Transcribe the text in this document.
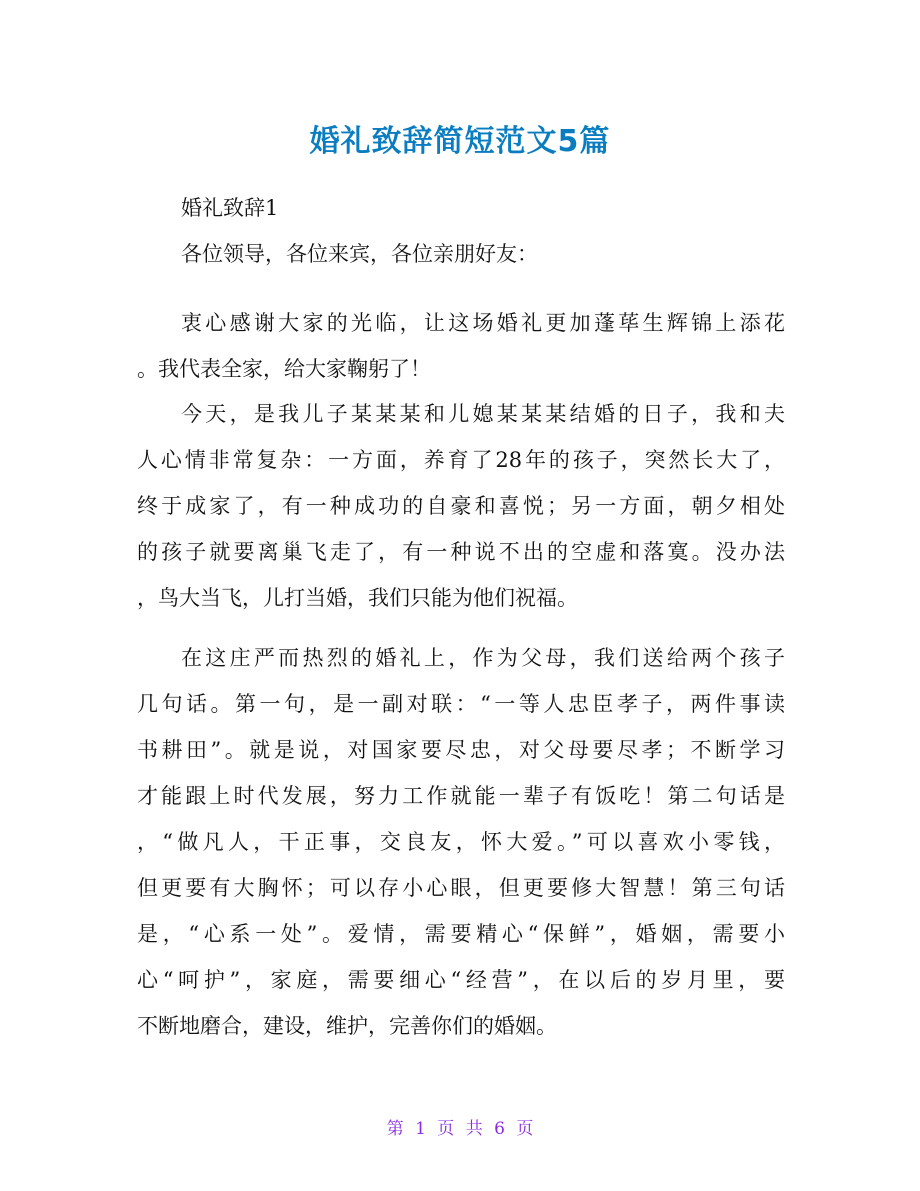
婚礼致辞简短范文5篇
婚礼致辞1
各位领导，各位来宾，各位亲朋好友：
衷心感谢大家的光临，让这场婚礼更加蓬荜生辉锦上添花
。我代表全家，给大家鞠躬了！
今天，是我儿子某某某和儿媳某某某结婚的日子，我和夫
人心情非常复杂：一方面，养育了28年的孩子，突然长大了，
终于成家了，有一种成功的自豪和喜悦；另一方面，朝夕相处
的孩子就要离巢飞走了，有一种说不出的空虚和落寞。没办法
，鸟大当飞，儿打当婚，我们只能为他们祝福。
在这庄严而热烈的婚礼上，作为父母，我们送给两个孩子
几句话。第一句，是一副对联：“一等人忠臣孝子，两件事读
书耕田”。就是说，对国家要尽忠，对父母要尽孝；不断学习
才能跟上时代发展，努力工作就能一辈子有饭吃！第二句话是
，“做凡人，干正事，交良友，怀大爱。”可以喜欢小零钱，
但更要有大胸怀；可以存小心眼，但更要修大智慧！第三句话
是，“心系一处”。爱情，需要精心“保鲜”，婚姻，需要小
心“呵护”，家庭，需要细心“经营”，在以后的岁月里，要
不断地磨合，建设，维护，完善你们的婚姻。
第 1 页 共 6 页
